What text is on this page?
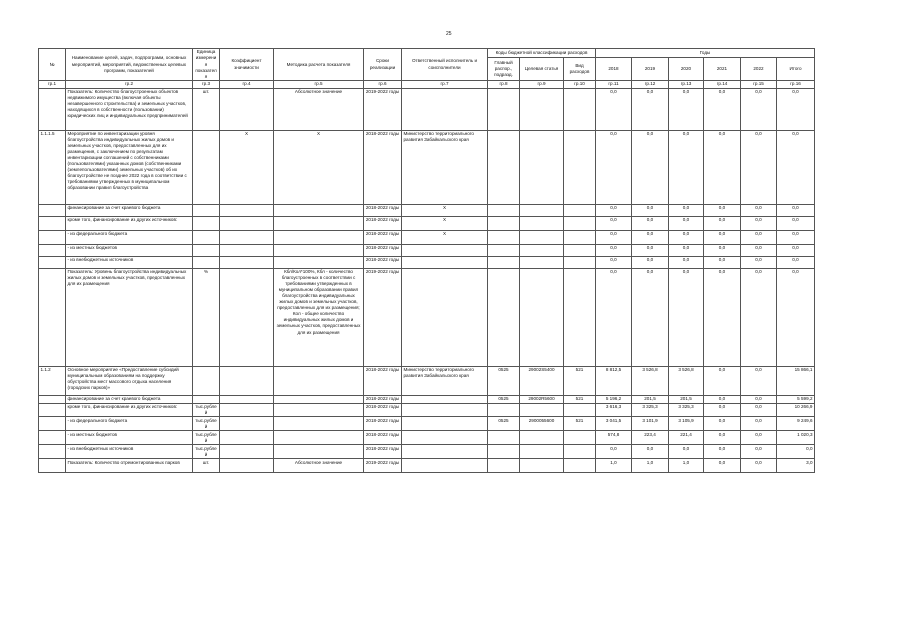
25
№	Наименование целей, задач, подпрограмм, основных мероприятий, мероприятий, ведомственных целевых программ, показателей	Единица измерения показателя	Коэффициент значимости	Методика расчета показателя	Сроки реализации	Ответственный исполнитель и соисполнители	Коды бюджетной классификации расходов			Годы					
							Главный распор., подразд.	Целевая статья	Вид расходов	2018	2019	2020	2021	2022	Итого
гр.1	гр.2	гр.3	гр.4	гр.5	гр.6	гр.7	гр.8	гр.9	гр.10	гр.11	гр.12	гр.13	гр.14	гр.15	гр.16
	Показатель: Количество благоустроенных объектов недвижимого имущества (включая объекты незавершенного строительства) и земельных участков, находящихся в собственности (пользовании) юридических лиц и индивидуальных предпринимателей	шт.		Абсолютное значение	2019-2022 годы					0,0	0,0	0,0	0,0	0,0	0,0
1.1.1.5	Мероприятие по инвентаризации уровня благоустройства индивидуальных жилых домов и земельных участков, предоставленных для их размещения, с заключением по результатам инвентаризации соглашений с собственниками (пользователями) указанных домов (собственниками (землепользователями) земельных участков) об их благоустройстве не позднее 2022 года в соответствии с требованиями утвержденных в муниципальном образовании правил благоустройства		X	X	2018-2022 годы	Министерство территориального развития Забайкальского края				0,0	0,0	0,0	0,0	0,0	0,0
	финансирование за счет краевого бюджета				2018-2022 годы	X				0,0	0,0	0,0	0,0	0,0	0,0
	кроме того, финансирование из других источников:				2018-2022 годы	X				0,0	0,0	0,0	0,0	0,0	0,0
	- из федерального бюджета				2018-2022 годы	X				0,0	0,0	0,0	0,0	0,0	0,0
	- из местных бюджетов				2018-2022 годы					0,0	0,0	0,0	0,0	0,0	0,0
	- из внебюджетных источников				2018-2022 годы					0,0	0,0	0,0	0,0	0,0	0,0
	Показатель: Уровень благоустройства индивидуальных жилых домов и земельных участков, предоставленных для их размещения	%		Кбл/Кол*100%, Кбл - количество благоустроенных в соответствии с требованиями утвержденных в муниципальном образовании правил благоустройства индивидуальных жилых домов и земельных участков, предоставленных для их размещения; Кол - общее количество индивидуальных жилых домов и земельных участков, предоставленных для их размещения	2019-2022 годы					0,0	0,0	0,0	0,0	0,0	0,0
1.1.2	Основное мероприятие «Предоставление субсидий муниципальным образованиям на поддержку обустройства мест массового отдыха населения (городских парков)»				2018-2022 годы	Министерство территориального развития Забайкальского края	0525	29002S5400	521	8 812,5	3 526,8	3 526,8	0,0	0,0	15 866,1
	финансирование за счет краевого бюджета				2018-2022 годы		0525	29002R5600	521	5 196,2	201,5	201,5	0,0	0,0	5 599,2
	кроме того, финансирование из других источников:	тыс.рублей			2018-2022 годы					3 616,3	3 325,3	3 325,3	0,0	0,0	10 266,9
	- из федерального бюджета	тыс.рублей			2018-2022 годы		0525	2900055600	521	3 041,5	3 101,9	3 105,9	0,0	0,0	9 249,6
	- из местных бюджетов	тыс.рублей			2018-2022 годы					574,8	223,4	221,4	0,0	0,0	1 020,3
	- из внебюджетных источников	тыс.рублей			2018-2022 годы					0,0	0,0	0,0	0,0	0,0	0,0
	Показатель: Количество отремонтированных парков	шт.		Абсолютное значение	2019-2022 годы					1,0	1,0	1,0	0,0	0,0	3,0
